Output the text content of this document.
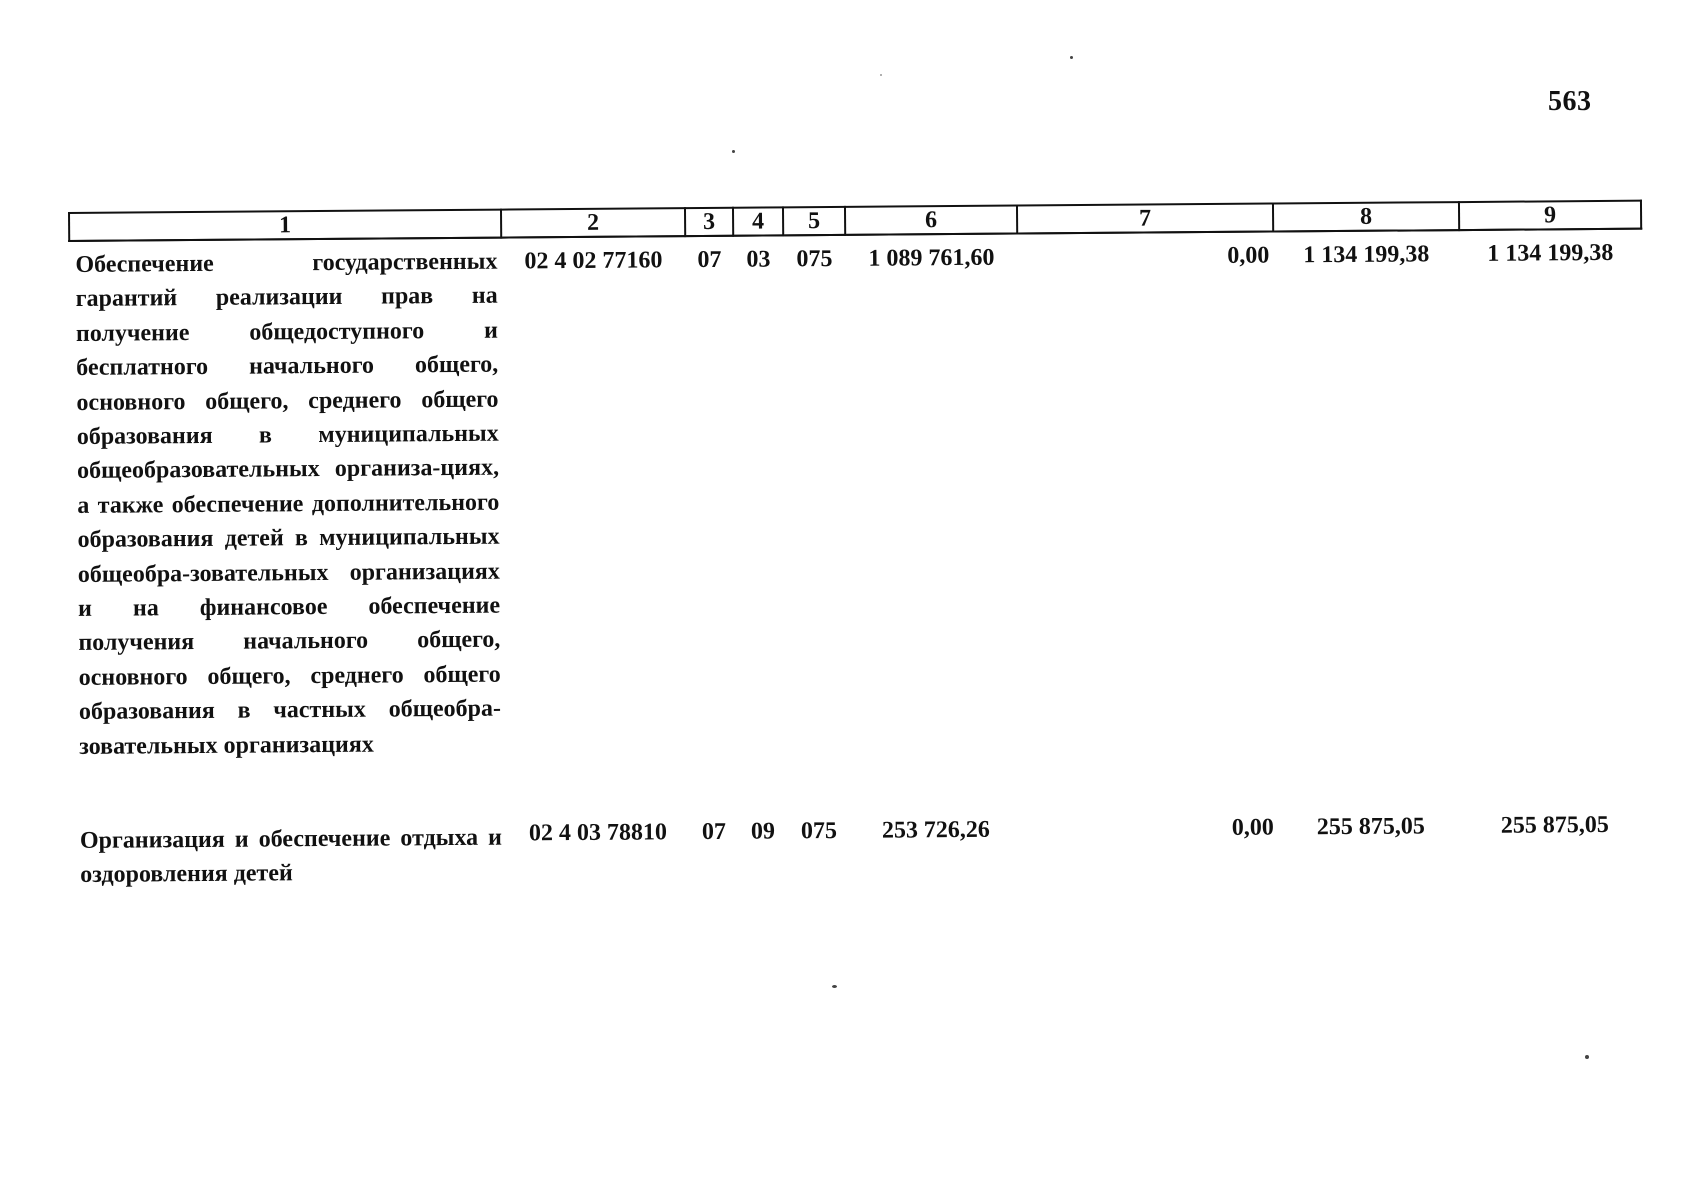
563
1	2	3	4	5	6	7	8	9
Обеспечение государственных гарантий реализации прав на получение общедоступного и бесплатного начального общего, основного общего, среднего общего образования в муниципальных общеобразовательных организа-циях, а также обеспечение дополнительного образования детей в муниципальных общеобра-зовательных организациях и на финансовое обеспечение получения начального общего, основного общего, среднего общего образования в частных общеобра-зовательных организациях	02 4 02 77160	07	03	075	1 089 761,60	0,00	1 134 199,38	1 134 199,38
Организация и обеспечение отдыха и оздоровления детей	02 4 03 78810	07	09	075	253 726,26	0,00	255 875,05	255 875,05
